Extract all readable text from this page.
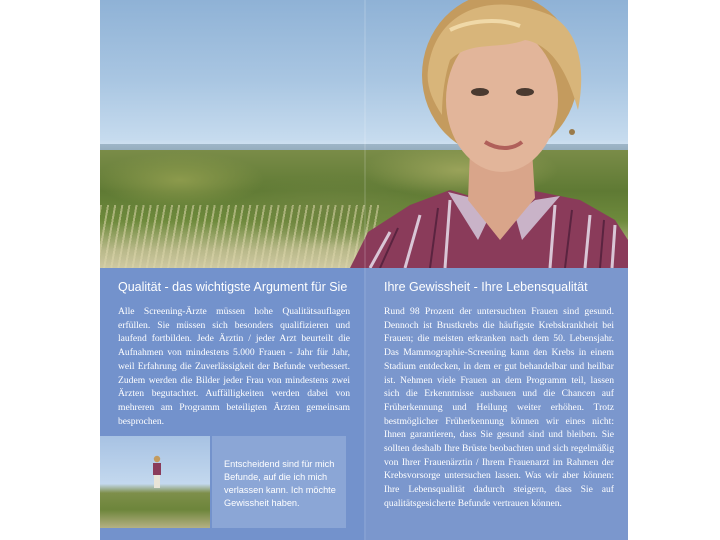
Qualität - das wichtigste Argument für Sie

Alle Screening-Ärzte müssen hohe Qualitätsauflagen erfüllen. Sie müssen sich besonders qualifizieren und laufend fortbilden. Jede Ärztin / jeder Arzt beurteilt die Aufnahmen von mindestens 5.000 Frauen - Jahr für Jahr, weil Erfahrung die Zuverlässigkeit der Befunde verbessert. Zudem werden die Bilder jeder Frau von mindestens zwei Ärzten begutachtet. Auffälligkeiten werden dabei von mehreren am Programm beteiligten Ärzten gemeinsam besprochen.

Entscheidend sind für mich Befunde, auf die ich mich verlassen kann. Ich möchte Gewissheit haben.
Ihre Gewissheit - Ihre Lebensqualität

Rund 98 Prozent der untersuchten Frauen sind gesund. Dennoch ist Brustkrebs die häufigste Krebskrankheit bei Frauen; die meisten erkranken nach dem 50. Lebensjahr. Das Mammographie-Screening kann den Krebs in einem Stadium entdecken, in dem er gut behandelbar und heilbar ist. Nehmen viele Frauen an dem Programm teil, lassen sich die Erkenntnisse ausbauen und die Chancen auf Früherkennung und Heilung weiter erhöhen. Trotz bestmöglicher Früherkennung können wir eines nicht: Ihnen garantieren, dass Sie gesund sind und bleiben. Sie sollten deshalb Ihre Brüste beobachten und sich regelmäßig von Ihrer Frauenärztin / Ihrem Frauenarzt im Rahmen der Krebsvorsorge untersuchen lassen. Was wir aber können: Ihre Lebensqualität dadurch steigern, dass Sie auf qualitätsgesicherte Befunde vertrauen können.
